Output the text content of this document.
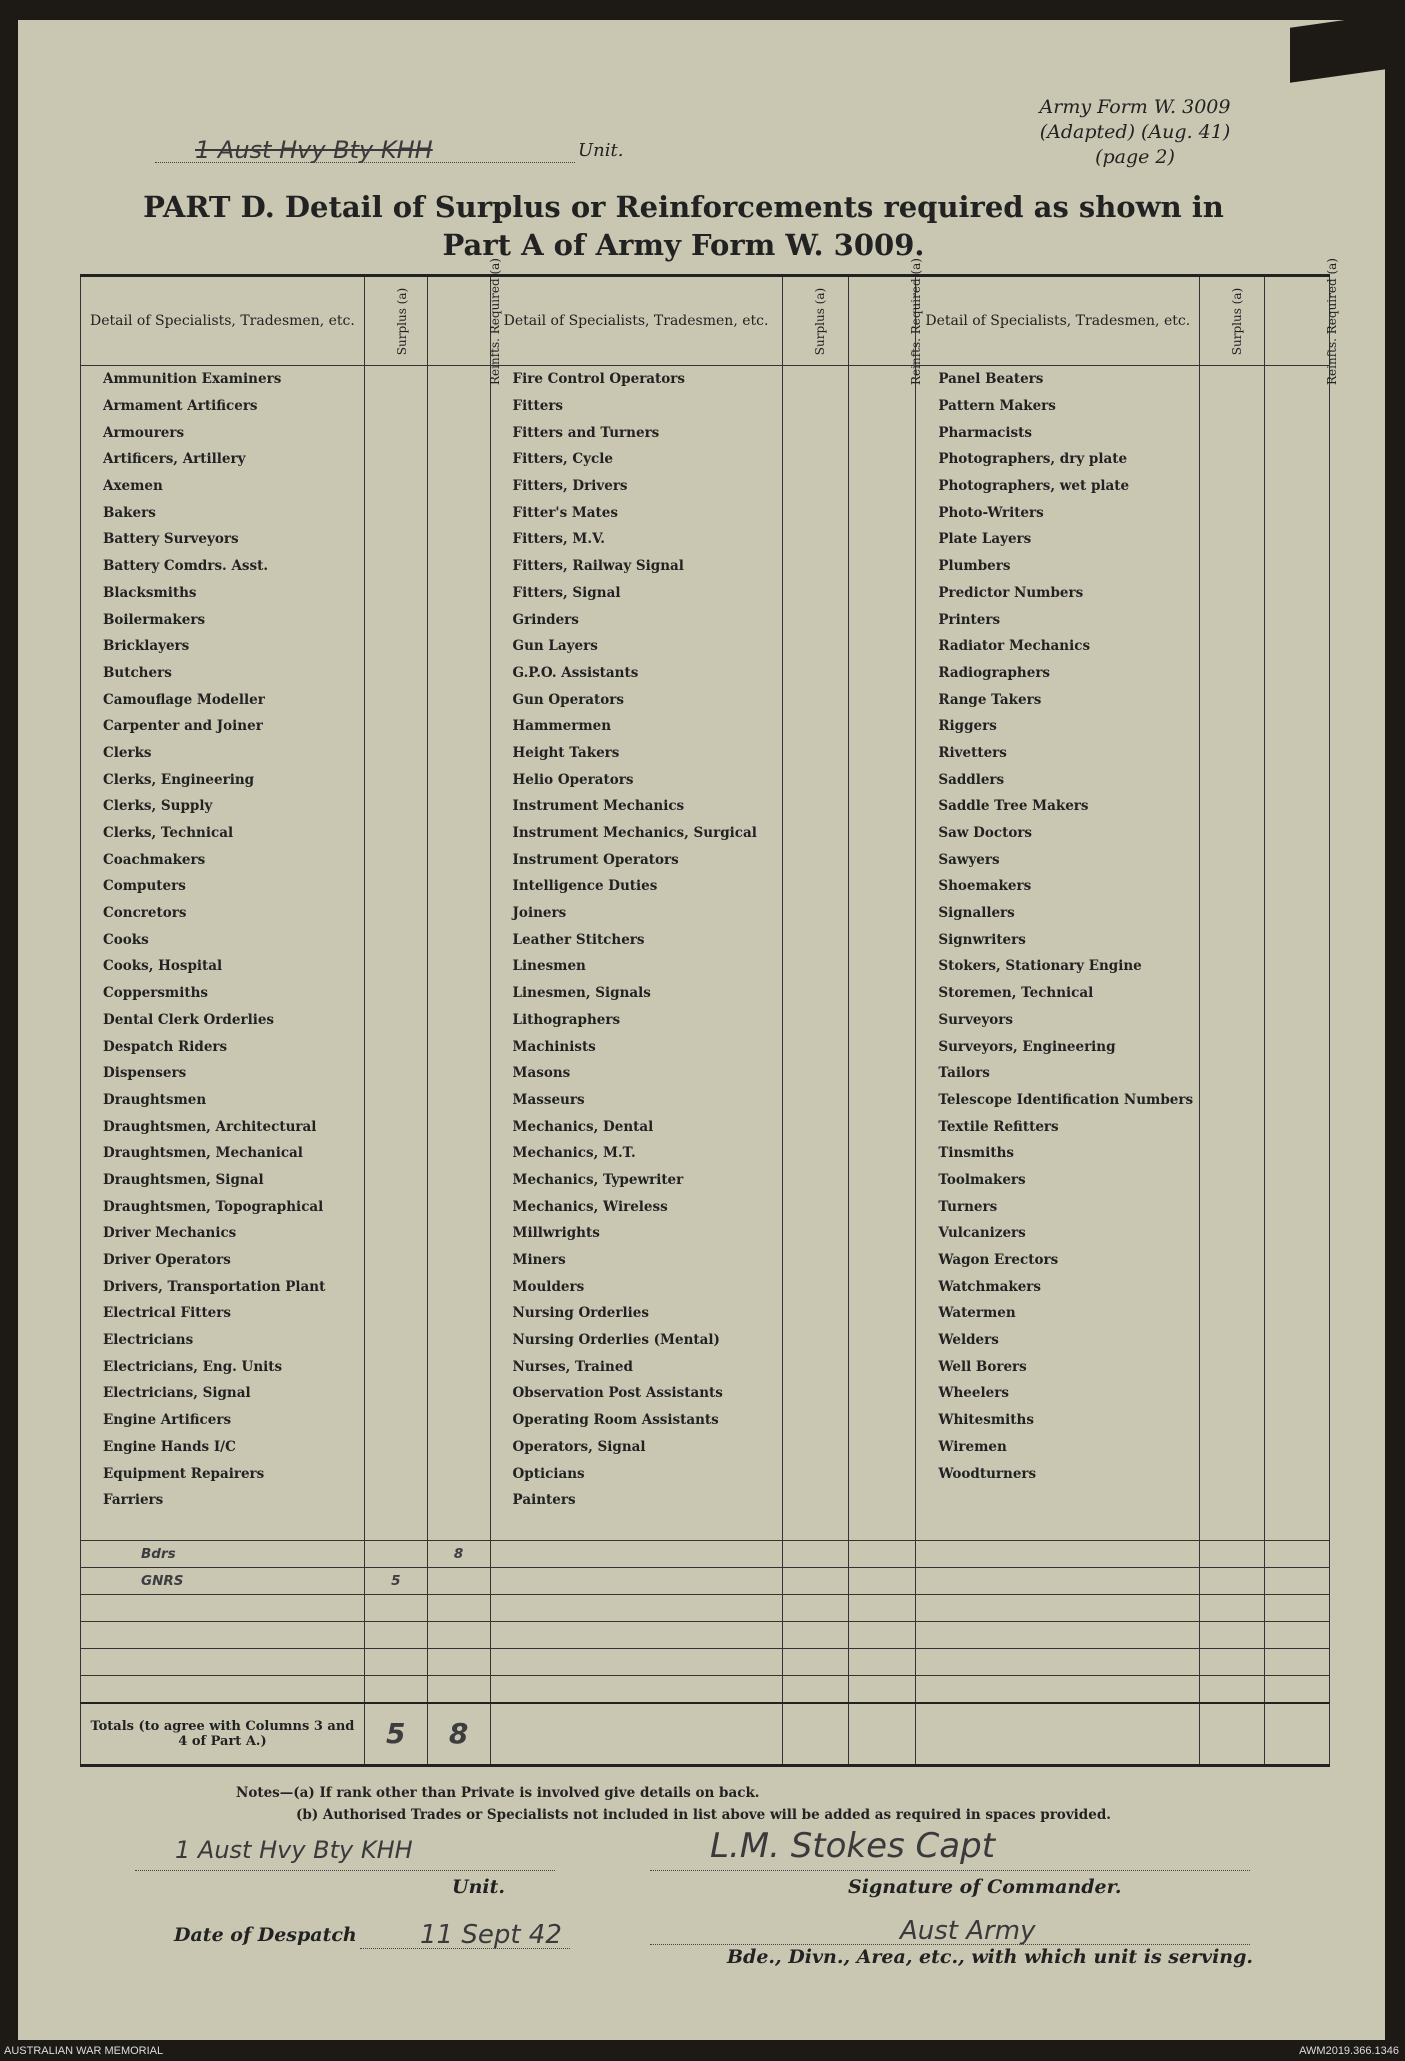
Army Form W. 3009
(Adapted) (Aug. 41)
(page 2)
1 Aust Hvy Bty KHH	Unit.
PART D. Detail of Surplus or Reinforcements required as shown in
Part A of Army Form W. 3009.
Detail of Specialists, Tradesmen, etc.	Surplus (a)	Reinfts. Required (a)	Detail of Specialists, Tradesmen, etc.	Surplus (a)	Reinfts. Required (a)	Detail of Specialists, Tradesmen, etc.	Surplus (a)	Reinfts. Required (a)
Ammunition Examiners			Fire Control Operators			Panel Beaters		
Armament Artificers			Fitters			Pattern Makers		
Armourers			Fitters and Turners			Pharmacists		
Artificers, Artillery			Fitters, Cycle			Photographers, dry plate		
Axemen			Fitters, Drivers			Photographers, wet plate		
Bakers			Fitter's Mates			Photo-Writers		
Battery Surveyors			Fitters, M.V.			Plate Layers		
Battery Comdrs. Asst.			Fitters, Railway Signal			Plumbers		
Blacksmiths			Fitters, Signal			Predictor Numbers		
Boilermakers			Grinders			Printers		
Bricklayers			Gun Layers			Radiator Mechanics		
Butchers			G.P.O. Assistants			Radiographers		
Camouflage Modeller			Gun Operators			Range Takers		
Carpenter and Joiner			Hammermen			Riggers		
Clerks			Height Takers			Rivetters		
Clerks, Engineering			Helio Operators			Saddlers		
Clerks, Supply			Instrument Mechanics			Saddle Tree Makers		
Clerks, Technical			Instrument Mechanics, Surgical			Saw Doctors		
Coachmakers			Instrument Operators			Sawyers		
Computers			Intelligence Duties			Shoemakers		
Concretors			Joiners			Signallers		
Cooks			Leather Stitchers			Signwriters		
Cooks, Hospital			Linesmen			Stokers, Stationary Engine		
Coppersmiths			Linesmen, Signals			Storemen, Technical		
Dental Clerk Orderlies			Lithographers			Surveyors		
Despatch Riders			Machinists			Surveyors, Engineering		
Dispensers			Masons			Tailors		
Draughtsmen			Masseurs			Telescope Identification Numbers		
Draughtsmen, Architectural			Mechanics, Dental			Textile Refitters		
Draughtsmen, Mechanical			Mechanics, M.T.			Tinsmiths		
Draughtsmen, Signal			Mechanics, Typewriter			Toolmakers		
Draughtsmen, Topographical			Mechanics, Wireless			Turners		
Driver Mechanics			Millwrights			Vulcanizers		
Driver Operators			Miners			Wagon Erectors		
Drivers, Transportation Plant			Moulders			Watchmakers		
Electrical Fitters			Nursing Orderlies			Watermen		
Electricians			Nursing Orderlies (Mental)			Welders		
Electricians, Eng. Units			Nurses, Trained			Well Borers		
Electricians, Signal			Observation Post Assistants			Wheelers		
Engine Artificers			Operating Room Assistants			Whitesmiths		
Engine Hands I/C			Operators, Signal			Wiremen		
Equipment Repairers			Opticians			Woodturners		
Farriers			Painters					

Bdrs		8						
GNRS	5							

Totals (to agree with Columns 3 and 4 of Part A.)	5	8						
Notes—(a) If rank other than Private is involved give details on back.
(b) Authorised Trades or Specialists not included in list above will be added as required in spaces provided.
1 Aust Hvy Bty KHH
Unit.
L.M. Stokes Capt
Signature of Commander.
Date of Despatch	11 Sept 42	Aust Army
Bde., Divn., Area, etc., with which unit is serving.
AUSTRALIAN WAR MEMORIAL	AWM2019.366.1346
